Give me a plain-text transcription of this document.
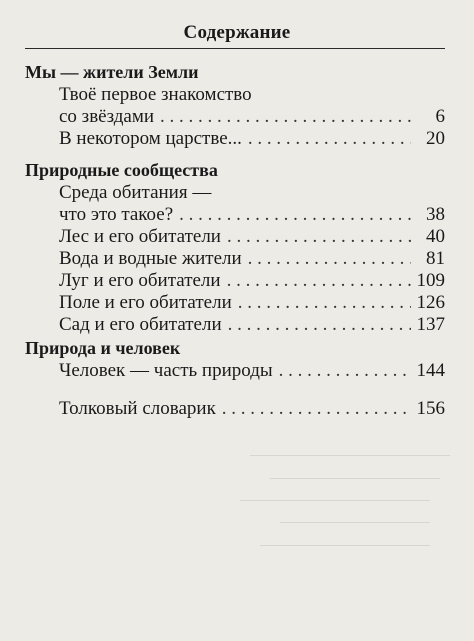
Содержание
Мы — жители Земли
Твоё первое знакомство
со звёздами . . .	6
В некотором царстве... . . .	20
Природные сообщества
Среда обитания —
что это такое? . . .	38
Лес и его обитатели . . .	40
Вода и водные жители . . .	81
Луг и его обитатели . . .	109
Поле и его обитатели . . .	126
Сад и его обитатели . . .	137
Природа и человек
Человек — часть природы . . .	144
Толковый словарик . . .	156
